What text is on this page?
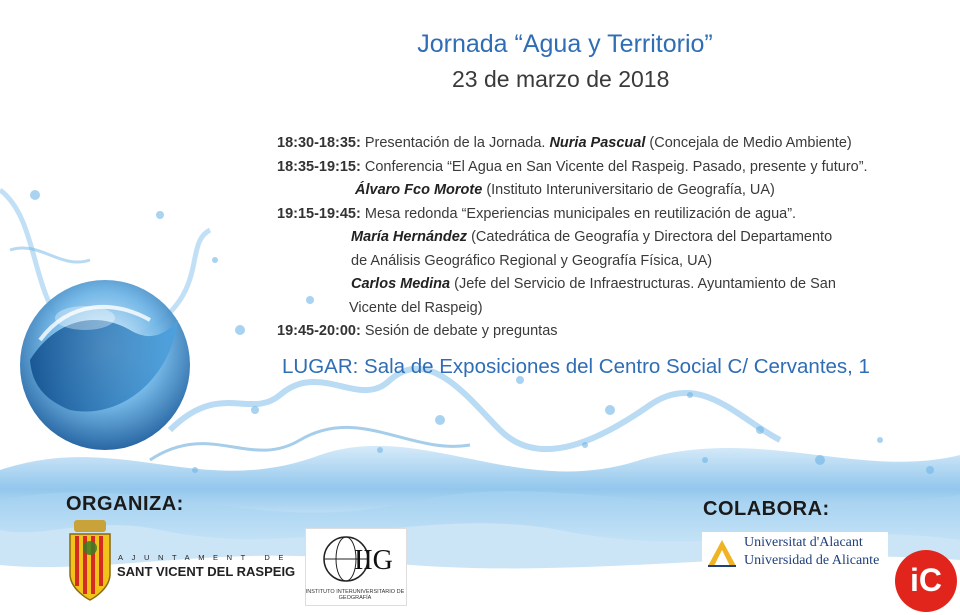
Jornada “Agua y Territorio”
23 de marzo de 2018
18:30-18:35: Presentación de la Jornada. Nuria Pascual (Concejala de Medio Ambiente)
18:35-19:15: Conferencia “El Agua en San Vicente del Raspeig. Pasado, presente y futuro”.
Álvaro Fco Morote (Instituto Interuniversitario de Geografía, UA)
19:15-19:45: Mesa redonda “Experiencias municipales en reutilización de agua”.
María Hernández (Catedrática de Geografía y Directora del Departamento
de Análisis Geográfico Regional y Geografía Física, UA)
Carlos Medina (Jefe del Servicio de Infraestructuras. Ayuntamiento de San
Vicente del Raspeig)
19:45-20:00: Sesión de debate y preguntas
LUGAR: Sala de Exposiciones del Centro Social C/ Cervantes, 1
ORGANIZA:	COLABORA:
AJUNTAMENT DE
SANT VICENT DEL RASPEIG IIG
INSTITUTO INTERUNIVERSITARIO DE GEOGRAFÍA
Universitat d'Alacant
Universidad de Alicante
iC
